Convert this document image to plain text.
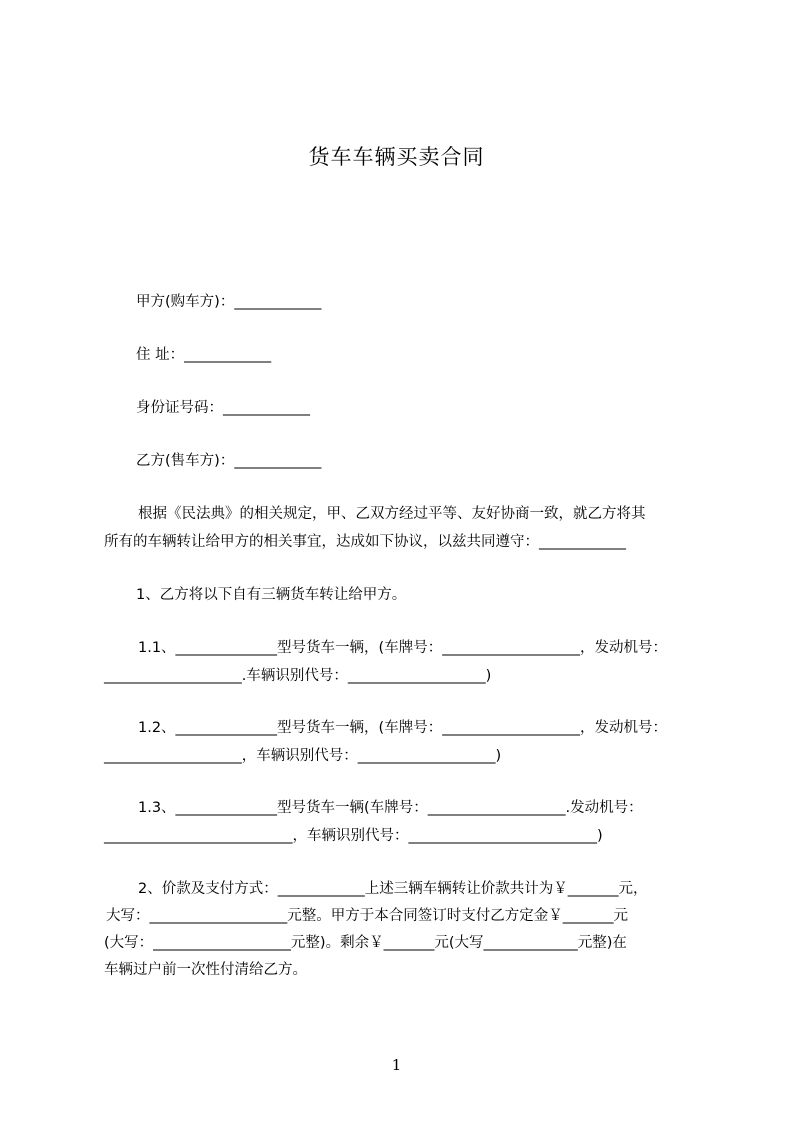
货车车辆买卖合同
甲方(购车方)：____________
住 址：____________
身份证号码：____________
乙方(售车方)：____________
根据《民法典》的相关规定，甲、乙双方经过平等、友好协商一致，就乙方将其
所有的车辆转让给甲方的相关事宜，达成如下协议，以兹共同遵守：____________
1、乙方将以下自有三辆货车转让给甲方。
1.1、______________型号货车一辆，(车牌号：___________________，发动机号：
___________________.车辆识别代号：___________________)
1.2、______________型号货车一辆，(车牌号：___________________，发动机号：
___________________，车辆识别代号：___________________)
1.3、______________型号货车一辆(车牌号：___________________.发动机号：
__________________________，车辆识别代号：__________________________)
2、价款及支付方式：____________上述三辆车辆转让价款共计为￥_______元，
大写：___________________元整。甲方于本合同签订时支付乙方定金￥_______元
(大写：___________________元整)。剩余￥_______元(大写_____________元整)在
车辆过户前一次性付清给乙方。
1
